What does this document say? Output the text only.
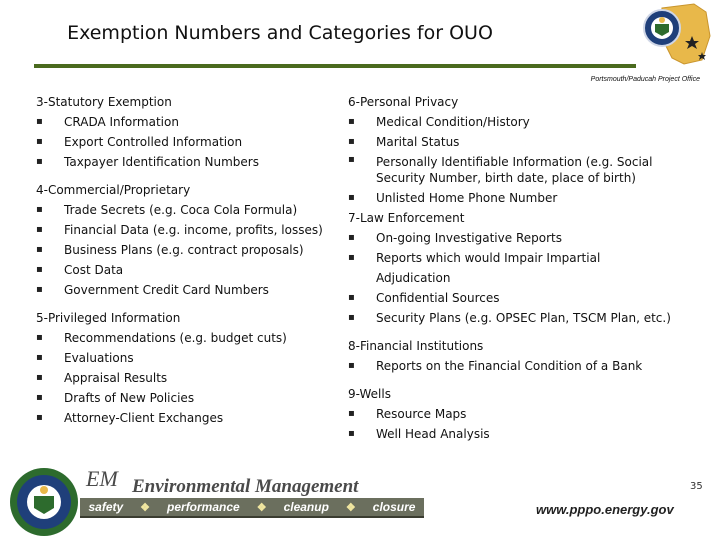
Exemption Numbers and Categories for OUO
Portsmouth/Paducah Project Office
3-Statutory Exemption
▪ CRADA Information
▪ Export Controlled Information
▪ Taxpayer Identification Numbers
4-Commercial/Proprietary
▪ Trade Secrets (e.g. Coca Cola Formula)
▪ Financial Data (e.g. income, profits, losses)
▪ Business Plans (e.g. contract proposals)
▪ Cost Data
▪ Government Credit Card Numbers
5-Privileged Information
▪ Recommendations (e.g. budget cuts)
▪ Evaluations
▪ Appraisal Results
▪ Drafts of New Policies
▪ Attorney-Client Exchanges
6-Personal Privacy
▪ Medical Condition/History
▪ Marital Status
▪ Personally Identifiable Information (e.g. Social Security Number, birth date, place of birth)
▪ Unlisted Home Phone Number
7-Law Enforcement
▪ On-going Investigative Reports
▪ Reports which would Impair Impartial Adjudication
▪ Confidential Sources
▪ Security Plans (e.g. OPSEC Plan, TSCM Plan, etc.)
8-Financial Institutions
▪ Reports on the Financial Condition of a Bank
9-Wells
▪ Resource Maps
▪ Well Head Analysis
EM Environmental Management
safety ❖ performance ❖ cleanup ❖ closure
35
www.pppo.energy.gov
